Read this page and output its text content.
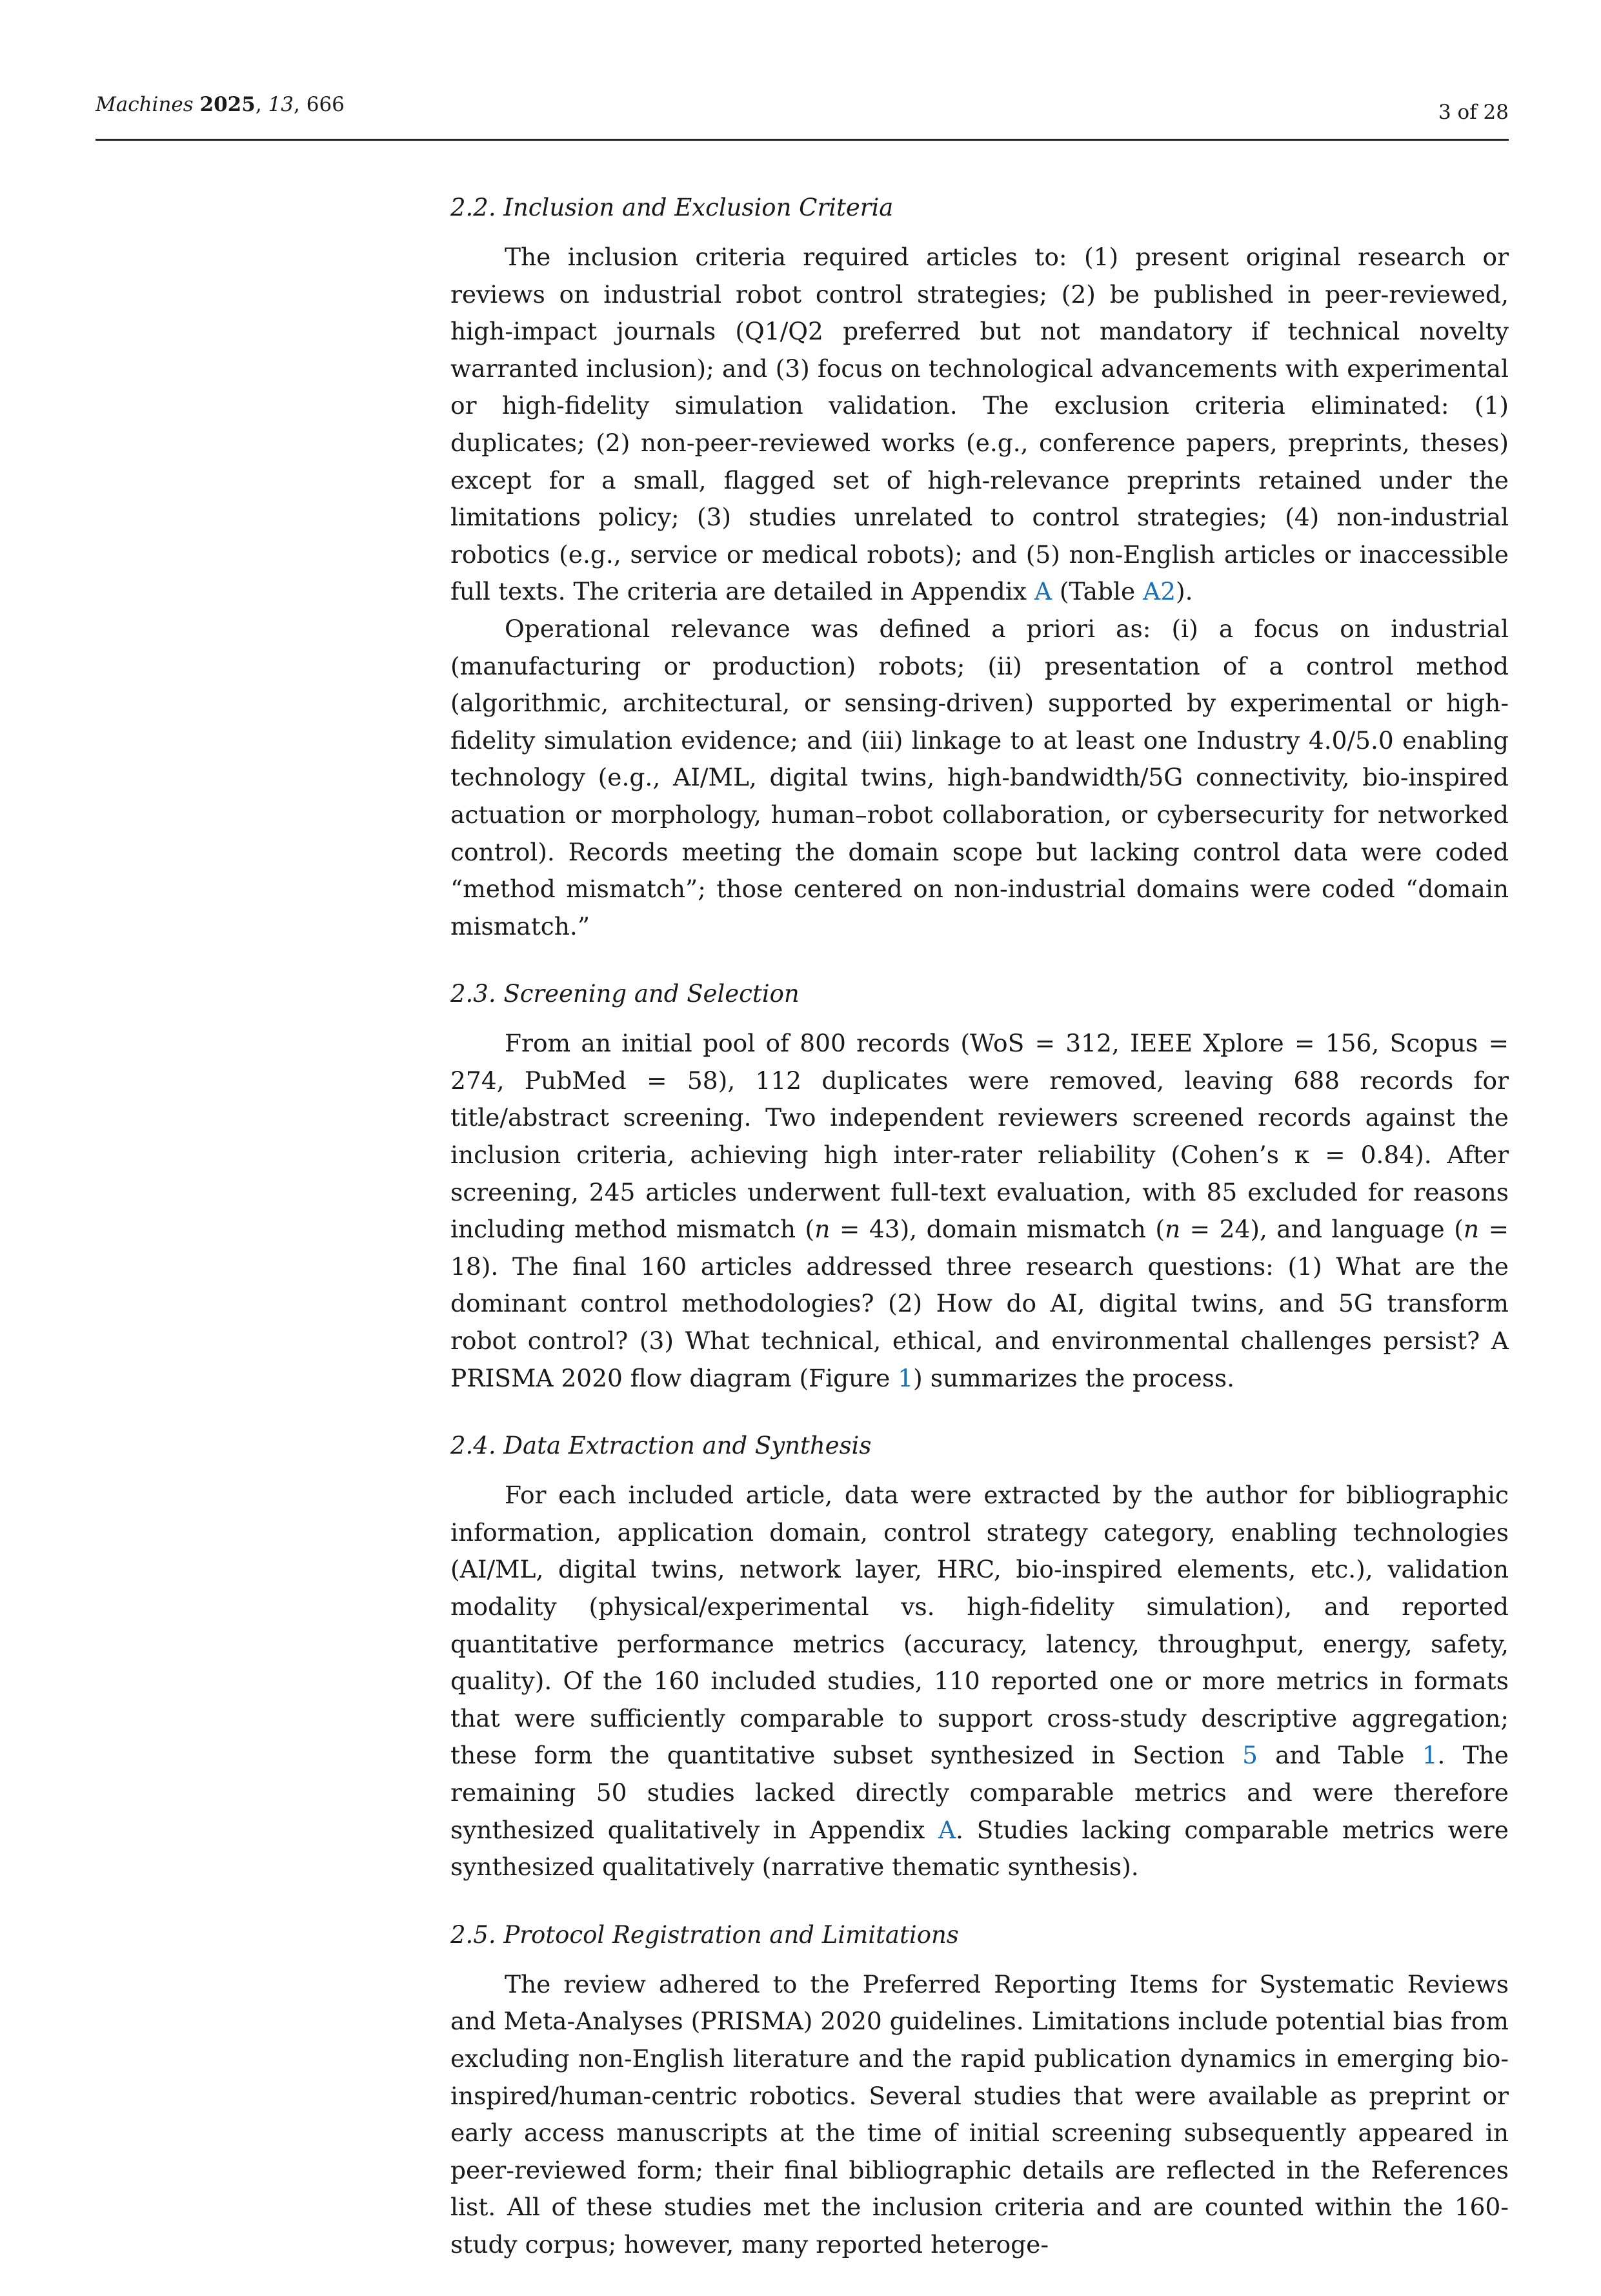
Machines 2025, 13, 666	3 of 28
2.2. Inclusion and Exclusion Criteria

The inclusion criteria required articles to: (1) present original research or reviews on industrial robot control strategies; (2) be published in peer-reviewed, high-impact journals (Q1/Q2 preferred but not mandatory if technical novelty warranted inclusion); and (3) focus on technological advancements with experimental or high-fidelity simulation validation. The exclusion criteria eliminated: (1) duplicates; (2) non-peer-reviewed works (e.g., conference papers, preprints, theses) except for a small, flagged set of high-relevance preprints retained under the limitations policy; (3) studies unrelated to control strategies; (4) non-industrial robotics (e.g., service or medical robots); and (5) non-English articles or inaccessible full texts. The criteria are detailed in Appendix A (Table A2).

Operational relevance was defined a priori as: (i) a focus on industrial (manufacturing or production) robots; (ii) presentation of a control method (algorithmic, architectural, or sensing-driven) supported by experimental or high-fidelity simulation evidence; and (iii) linkage to at least one Industry 4.0/5.0 enabling technology (e.g., AI/ML, digital twins, high-bandwidth/5G connectivity, bio-inspired actuation or morphology, human–robot collaboration, or cybersecurity for networked control). Records meeting the domain scope but lacking control data were coded “method mismatch”; those centered on non-industrial domains were coded “domain mismatch.”

2.3. Screening and Selection

From an initial pool of 800 records (WoS = 312, IEEE Xplore = 156, Scopus = 274, PubMed = 58), 112 duplicates were removed, leaving 688 records for title/abstract screening. Two independent reviewers screened records against the inclusion criteria, achieving high inter-rater reliability (Cohen’s κ = 0.84). After screening, 245 articles underwent full-text evaluation, with 85 excluded for reasons including method mismatch (n = 43), domain mismatch (n = 24), and language (n = 18). The final 160 articles addressed three research questions: (1) What are the dominant control methodologies? (2) How do AI, digital twins, and 5G transform robot control? (3) What technical, ethical, and environmental challenges persist? A PRISMA 2020 flow diagram (Figure 1) summarizes the process.

2.4. Data Extraction and Synthesis

For each included article, data were extracted by the author for bibliographic information, application domain, control strategy category, enabling technologies (AI/ML, digital twins, network layer, HRC, bio-inspired elements, etc.), validation modality (physical/experimental vs. high-fidelity simulation), and reported quantitative performance metrics (accuracy, latency, throughput, energy, safety, quality). Of the 160 included studies, 110 reported one or more metrics in formats that were sufficiently comparable to support cross-study descriptive aggregation; these form the quantitative subset synthesized in Section 5 and Table 1. The remaining 50 studies lacked directly comparable metrics and were therefore synthesized qualitatively in Appendix A. Studies lacking comparable metrics were synthesized qualitatively (narrative thematic synthesis).

2.5. Protocol Registration and Limitations

The review adhered to the Preferred Reporting Items for Systematic Reviews and Meta-Analyses (PRISMA) 2020 guidelines. Limitations include potential bias from excluding non-English literature and the rapid publication dynamics in emerging bio-inspired/human-centric robotics. Several studies that were available as preprint or early access manuscripts at the time of initial screening subsequently appeared in peer-reviewed form; their final bibliographic details are reflected in the References list. All of these studies met the inclusion criteria and are counted within the 160-study corpus; however, many reported heteroge-
